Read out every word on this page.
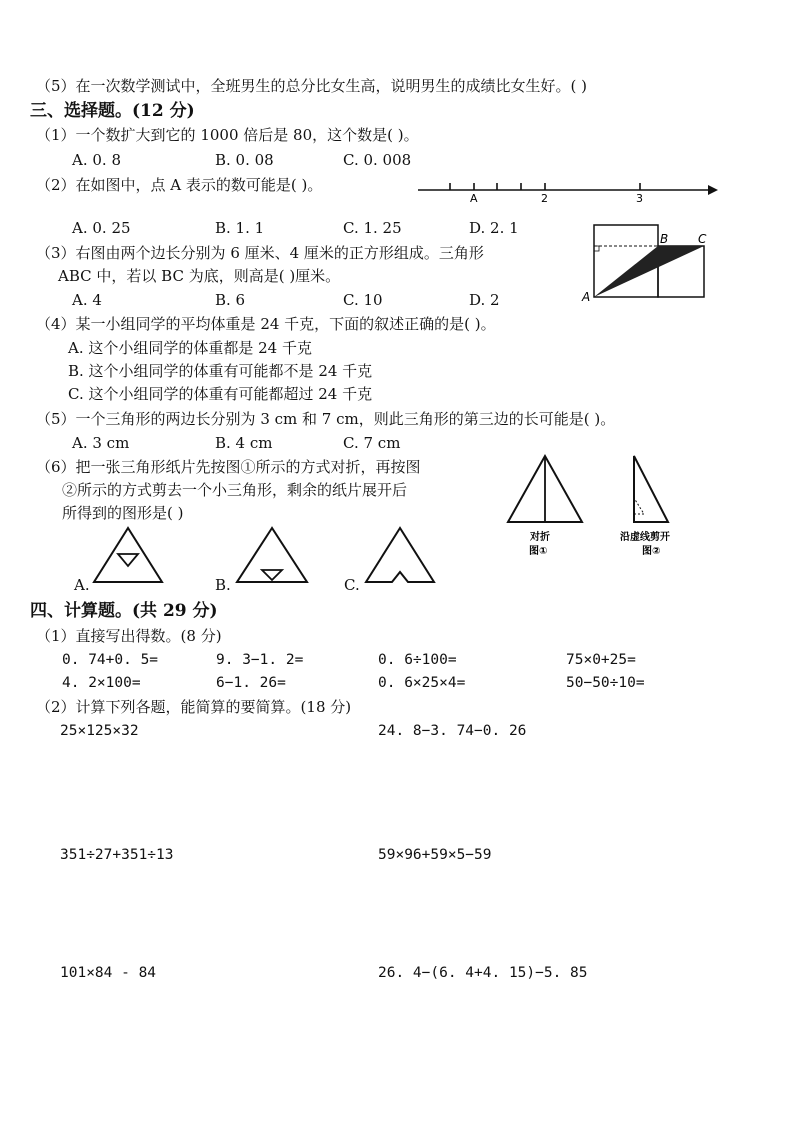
（5）在一次数学测试中，全班男生的总分比女生高，说明男生的成绩比女生好。( )
三、选择题。(12 分)
（1）一个数扩大到它的 1000 倍后是 80，这个数是( )。
A. 0. 8	B. 0. 08	C. 0. 008
（2）在如图中，点 A 表示的数可能是( )。
A	2	3
A. 0. 25	B. 1. 1	C. 1. 25	D. 2. 1
（3）右图由两个边长分别为 6 厘米、4 厘米的正方形组成。三角形
ABC 中，若以 BC 为底，则高是( )厘米。
A. 4	B. 6	C. 10	D. 2	A
B C
（4）某一小组同学的平均体重是 24 千克，下面的叙述正确的是( )。
A. 这个小组同学的体重都是 24 千克
B. 这个小组同学的体重有可能都不是 24 千克
C. 这个小组同学的体重有可能都超过 24 千克
（5）一个三角形的两边长分别为 3 cm 和 7 cm，则此三角形的第三边的长可能是( )。
A. 3 cm	B. 4 cm	C. 7 cm
（6）把一张三角形纸片先按图①所示的方式对折，再按图
②所示的方式剪去一个小三角形，剩余的纸片展开后
所得到的图形是( )
对折
图①
沿虚线剪开
图②
A.	B.	C.
四、计算题。(共 29 分)
（1）直接写出得数。(8 分)
0. 74+0. 5=	9. 3−1. 2=	0. 6÷100=	75×0+25=
4. 2×100=	6−1. 26=	0. 6×25×4=	50−50÷10=
（2）计算下列各题，能简算的要简算。(18 分)
25×125×32	24. 8−3. 74−0. 26
351÷27+351÷13	59×96+59×5−59
101×84 - 84	26. 4−(6. 4+4. 15)−5. 85
